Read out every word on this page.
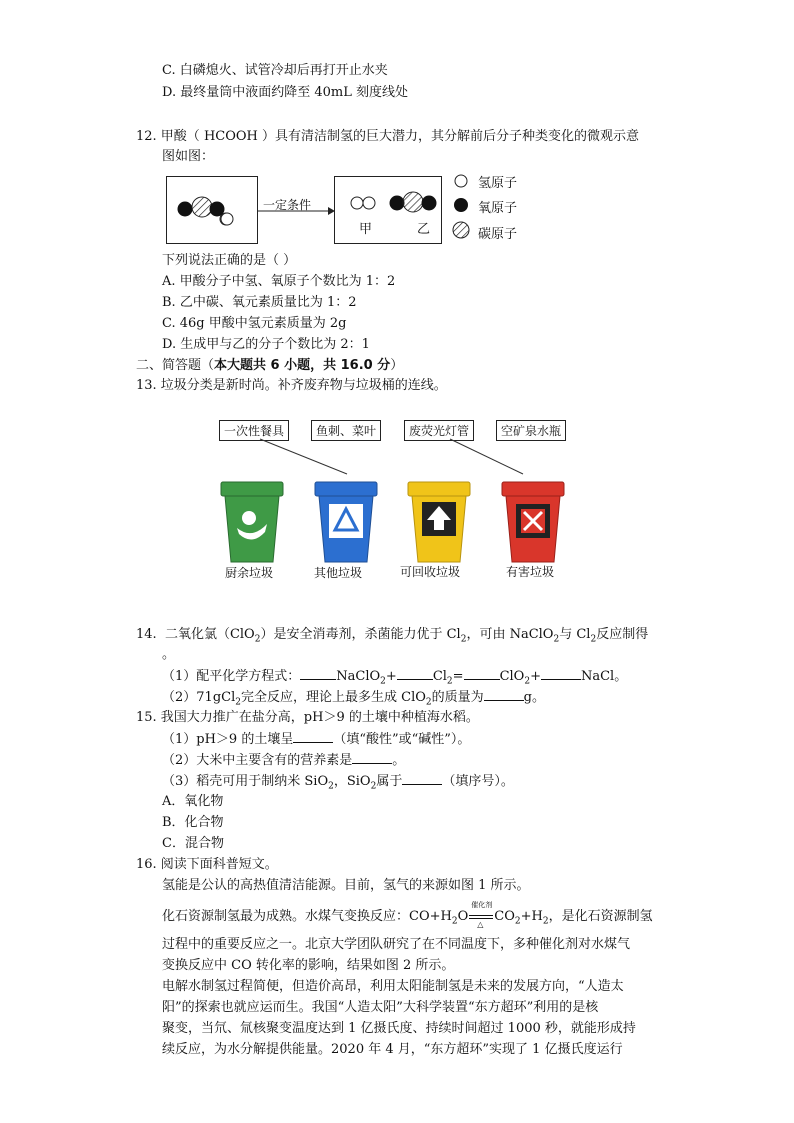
C. 白磷熄火、试管冷却后再打开止水夹
D. 最终量筒中液面约降至 40mL 刻度线处
12. 甲酸（ HCOOH ）具有清洁制氢的巨大潜力，其分解前后分子种类变化的微观示意
图如图：
一定条件
甲	乙
氢原子
氧原子
碳原子
下列说法正确的是（ ）
A. 甲酸分子中氢、氧原子个数比为 1：2
B. 乙中碳、氧元素质量比为 1：2
C. 46g 甲酸中氢元素质量为 2g
D. 生成甲与乙的分子个数比为 2：1
二、简答题（本大题共 6 小题，共 16.0 分）
13. 垃圾分类是新时尚。补齐废弃物与垃圾桶的连线。
一次性餐具	鱼刺、菜叶	废荧光灯管	空矿泉水瓶
厨余垃圾	其他垃圾	可回收垃圾	有害垃圾
14. 二氧化氯（ClO$_2$）是安全消毒剂，杀菌能力优于 $Cl_2$，可由 NaClO$_2$与 $Cl_2$反应制得
。
（1）配平化学方程式：	NaClO$_2$+	$Cl_2=$	ClO$_2$+	NaCl。
（2）71gCl$_2$完全反应，理论上最多生成 ClO$_2$的质量为	g。
15. 我国大力推广在盐分高，pH＞9 的土壤中种植海水稻。
（1）pH＞9 的土壤呈	（填“酸性”或“碱性”）。
（2）大米中主要含有的营养素是	。
（3）稻壳可用于制纳米 SiO$_2$，SiO$_2$属于	（填序号）。
A．氧化物
B．化合物
C．混合物
16. 阅读下面科普短文。
氢能是公认的高热值清洁能源。目前，氢气的来源如图 1 所示。
化石资源制氢最为成熟。水煤气变换反应：$CO+H_2O$
催化剂
△ $CO_2+H_2$，是化石资源制氢
过程中的重要反应之一。北京大学团队研究了在不同温度下，多种催化剂对水煤气
变换反应中 CO 转化率的影响，结果如图 2 所示。
电解水制氢过程简便，但造价高昂，利用太阳能制氢是未来的发展方向，“人造太
阳”的探索也就应运而生。我国“人造太阳”大科学装置“东方超环”利用的是核
聚变，当氘、氚核聚变温度达到 1 亿摄氏度、持续时间超过 1000 秒，就能形成持
续反应，为水分解提供能量。2020 年 4 月，“东方超环”实现了 1 亿摄氏度运行
